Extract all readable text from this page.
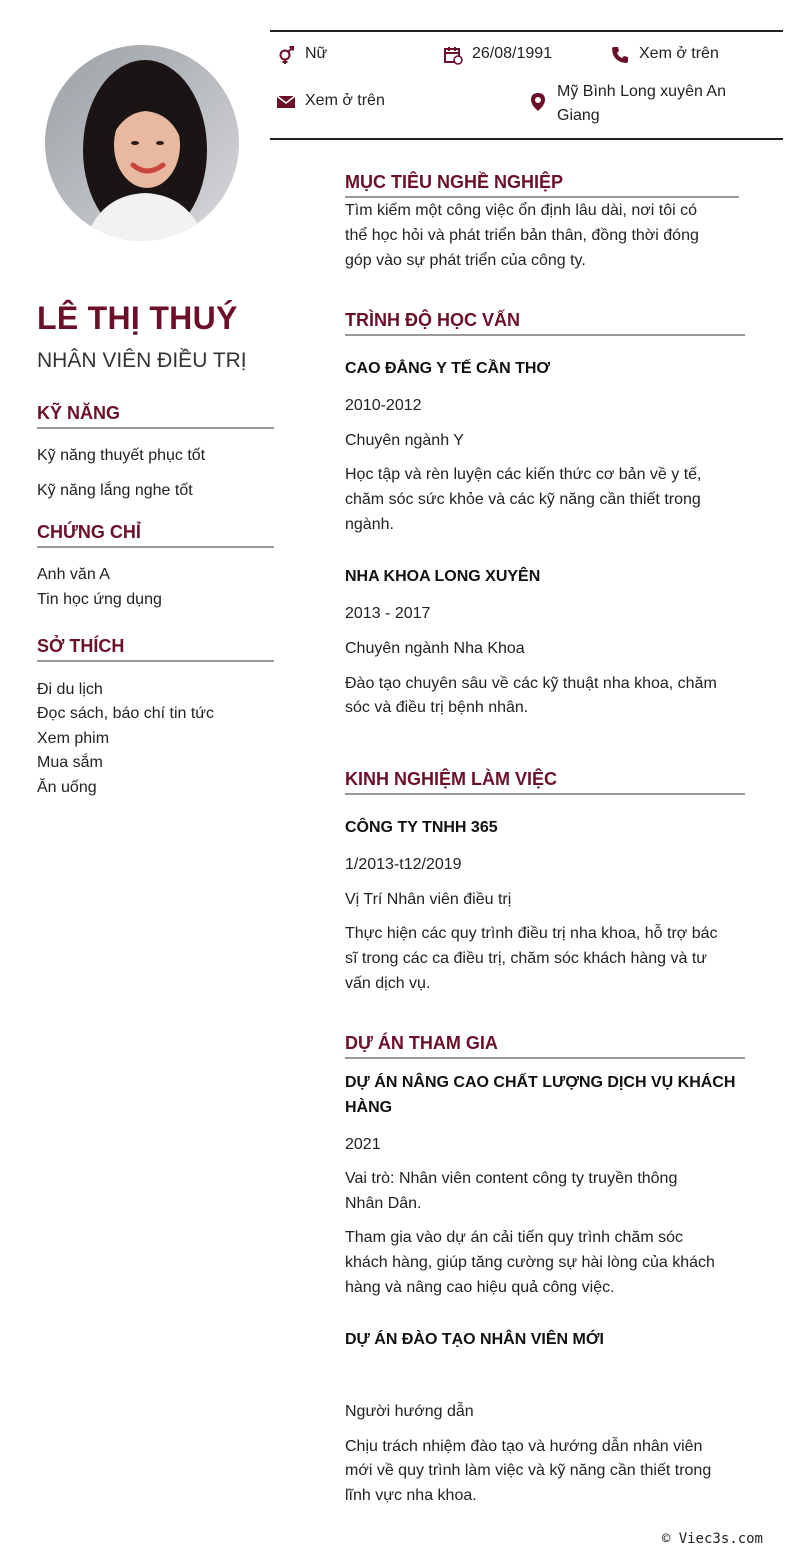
LÊ THỊ THUÝ
NHÂN VIÊN ĐIỀU TRỊ
Nữ	26/08/1991	Xem ở trên
Xem ở trên
Mỹ Bình Long xuyên An
Giang
KỸ NĂNG
Kỹ năng thuyết phục tốt
Kỹ năng lắng nghe tốt
CHỨNG CHỈ
Anh văn A
Tin học ứng dụng
SỞ THÍCH
Đi du lịch
Đọc sách, báo chí tin tức
Xem phim
Mua sắm
Ăn uống
MỤC TIÊU NGHỀ NGHIỆP
Tìm kiếm một công việc ổn định lâu dài, nơi tôi có
thể học hỏi và phát triển bản thân, đồng thời đóng
góp vào sự phát triển của công ty.
TRÌNH ĐỘ HỌC VẤN
CAO ĐẲNG Y TẾ CẦN THƠ
2010-2012
Chuyên ngành Y
Học tập và rèn luyện các kiến thức cơ bản về y tế,
chăm sóc sức khỏe và các kỹ năng cần thiết trong
ngành.
NHA KHOA LONG XUYÊN
2013 - 2017
Chuyên ngành Nha Khoa
Đào tạo chuyên sâu về các kỹ thuật nha khoa, chăm
sóc và điều trị bệnh nhân.
KINH NGHIỆM LÀM VIỆC
CÔNG TY TNHH 365
1/2013-t12/2019
Vị Trí Nhân viên điều trị
Thực hiện các quy trình điều trị nha khoa, hỗ trợ bác
sĩ trong các ca điều trị, chăm sóc khách hàng và tư
vấn dịch vụ.
DỰ ÁN THAM GIA
DỰ ÁN NÂNG CAO CHẤT LƯỢNG DỊCH VỤ KHÁCH
HÀNG
2021
Vai trò: Nhân viên content công ty truyền thông
Nhân Dân.
Tham gia vào dự án cải tiến quy trình chăm sóc
khách hàng, giúp tăng cường sự hài lòng của khách
hàng và nâng cao hiệu quả công việc.
DỰ ÁN ĐÀO TẠO NHÂN VIÊN MỚI
Người hướng dẫn
Chịu trách nhiệm đào tạo và hướng dẫn nhân viên
mới về quy trình làm việc và kỹ năng cần thiết trong
lĩnh vực nha khoa.
© Viec3s.com
